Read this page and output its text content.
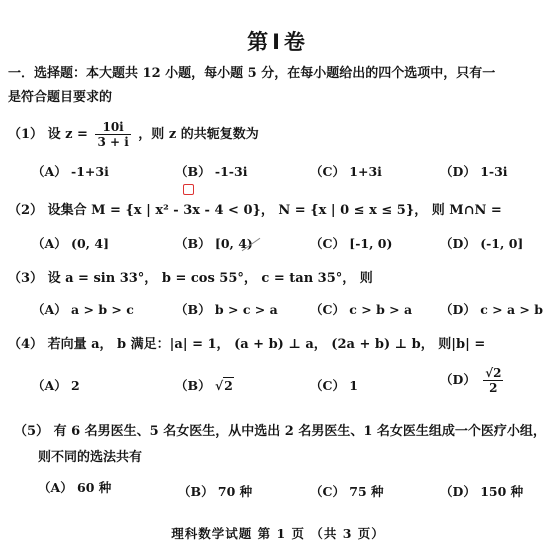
第Ⅰ卷
一．选择题：本大题共 12 小题，每小题 5 分，在每小题给出的四个选项中，只有一
是符合题目要求的
（1） 设 $z = \frac{10i}{3 + i}$ ，则 z 的共轭复数为
（A） -1+3i	（B） -1-3i	（C） 1+3i	（D） 1-3i
（2） 设集合 M = {x | x² - 3x - 4 < 0}， N = {x | 0 ≤ x ≤ 5}， 则 M∩N =
（A） (0, 4]	（B） [0, 4)	（C） [-1, 0)	（D） (-1, 0]
（3） 设 a = sin 33°， b = cos 55°， c = tan 35°， 则
（A） a > b > c	（B） b > c > a	（C） c > b > a （D） c > a > b
（4） 若向量 a， b 满足：|a| = 1， (a + b) ⊥ a， (2a + b) ⊥ b， 则|b| =
（A） 2	（B） √2	（C） 1	$(D) \frac{√2}{2}$
（5） 有 6 名男医生、5 名女医生，从中选出 2 名男医生、1 名女医生组成一个医疗小组，
则不同的选法共有
（A） 60 种	（B） 70 种	（C） 75 种	（D） 150 种
理科数学试题 第 1 页 （共 3 页）
